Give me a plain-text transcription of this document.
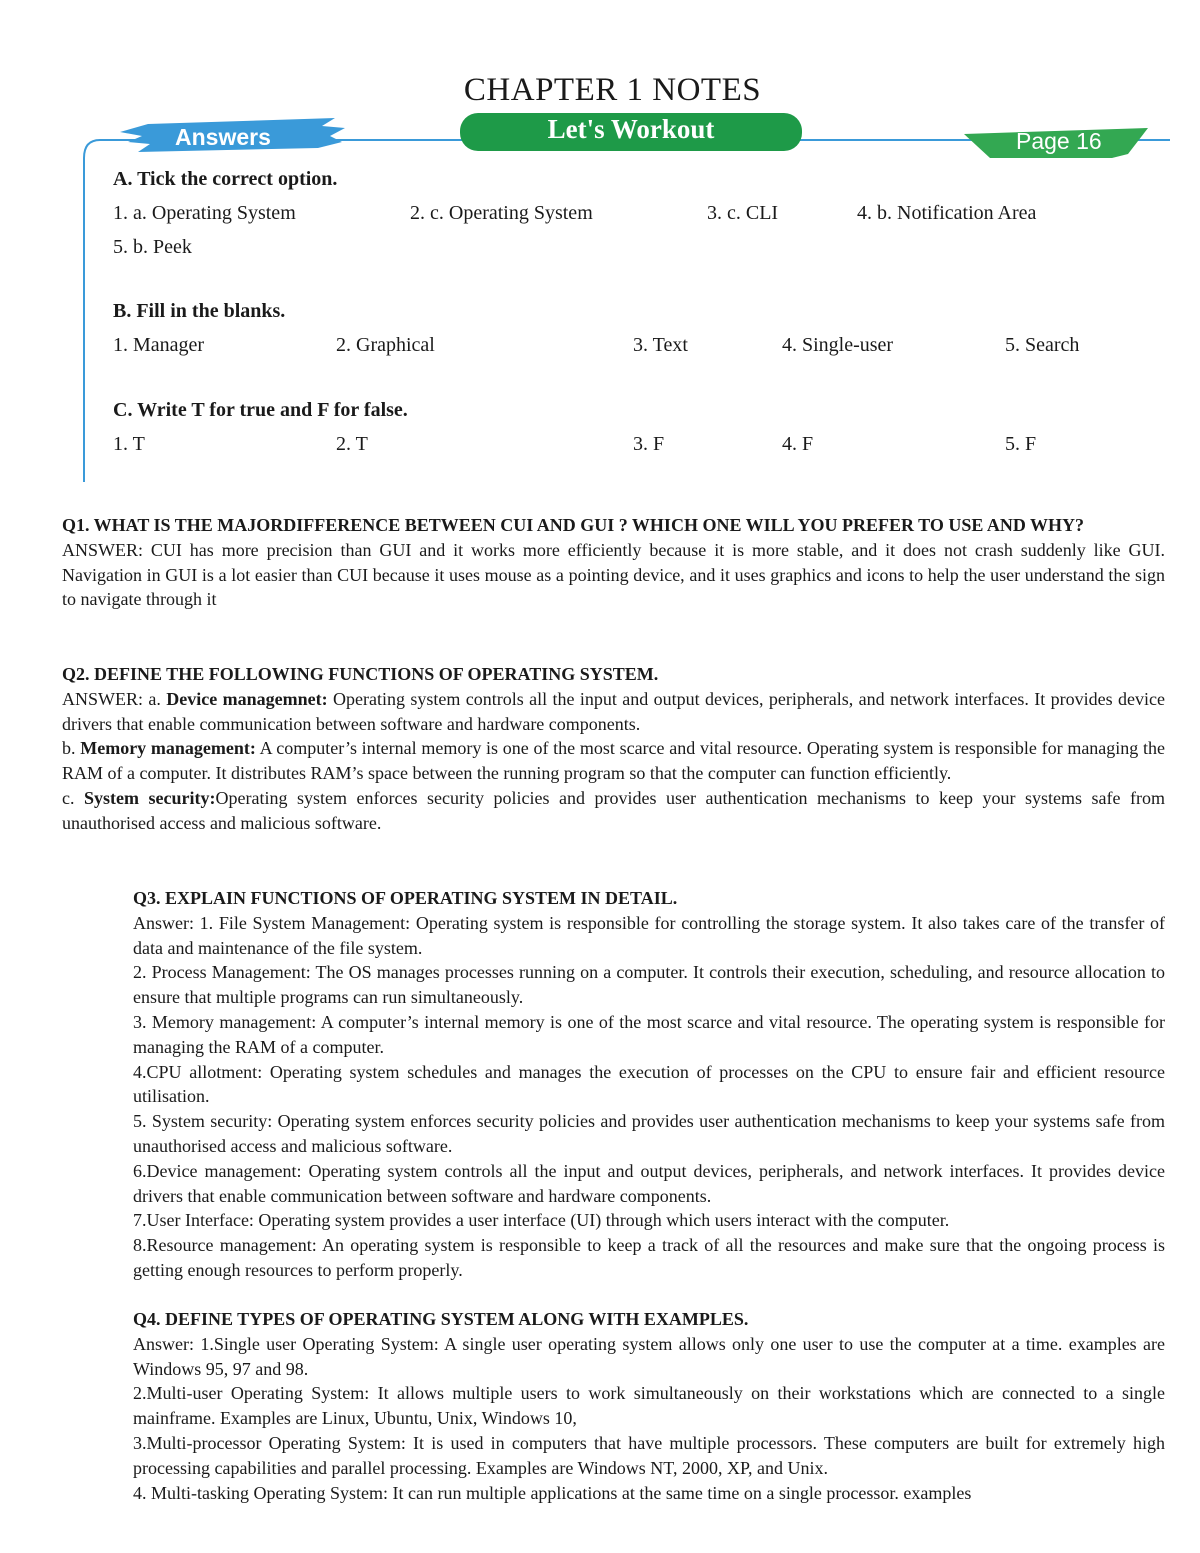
CHAPTER 1 NOTES
Answers	Let's Workout	Page 16
A. Tick the correct option.
1. a. Operating System	2. c. Operating System	3. c. CLI	4. b. Notification Area
5. b. Peek
B. Fill in the blanks.
1. Manager	2. Graphical	3. Text	4. Single-user	5. Search
C. Write T for true and F for false.
1. T	2. T	3. F	4. F	5. F

Q1. WHAT IS THE MAJORDIFFERENCE BETWEEN CUI AND GUI ? WHICH ONE WILL YOU PREFER TO USE AND WHY?

ANSWER: CUI has more precision than GUI and it works more efficiently because it is more stable, and it does not crash suddenly like GUI. Navigation in GUI is a lot easier than CUI because it uses mouse as a pointing device, and it uses graphics and icons to help the user understand the sign to navigate through it

Q2. DEFINE THE FOLLOWING FUNCTIONS OF OPERATING SYSTEM.

ANSWER: a. Device managemnet: Operating system controls all the input and output devices, peripherals, and network interfaces. It provides device drivers that enable communication between software and hardware components.

b. Memory management: A computer’s internal memory is one of the most scarce and vital resource. Operating system is responsible for managing the RAM of a computer. It distributes RAM’s space between the running program so that the computer can function efficiently.

c. System security:Operating system enforces security policies and provides user authentication mechanisms to keep your systems safe from unauthorised access and malicious software.

Q3. EXPLAIN FUNCTIONS OF OPERATING SYSTEM IN DETAIL.

Answer: 1. File System Management: Operating system is responsible for controlling the storage system. It also takes care of the transfer of data and maintenance of the file system.

2. Process Management: The OS manages processes running on a computer. It controls their execution, scheduling, and resource allocation to ensure that multiple programs can run simultaneously.

3. Memory management: A computer’s internal memory is one of the most scarce and vital resource. The operating system is responsible for managing the RAM of a computer.

4.CPU allotment: Operating system schedules and manages the execution of processes on the CPU to ensure fair and efficient resource utilisation.

5. System security: Operating system enforces security policies and provides user authentication mechanisms to keep your systems safe from unauthorised access and malicious software.

6.Device management: Operating system controls all the input and output devices, peripherals, and network interfaces. It provides device drivers that enable communication between software and hardware components.

7.User Interface: Operating system provides a user interface (UI) through which users interact with the computer.

8.Resource management: An operating system is responsible to keep a track of all the resources and make sure that the ongoing process is getting enough resources to perform properly.

Q4. DEFINE TYPES OF OPERATING SYSTEM ALONG WITH EXAMPLES.

Answer: 1.Single user Operating System: A single user operating system allows only one user to use the computer at a time. examples are Windows 95, 97 and 98.

2.Multi-user Operating System: It allows multiple users to work simultaneously on their workstations which are connected to a single mainframe. Examples are Linux, Ubuntu, Unix, Windows 10,

3.Multi-processor Operating System: It is used in computers that have multiple processors. These computers are built for extremely high processing capabilities and parallel processing. Examples are Windows NT, 2000, XP, and Unix.

4. Multi-tasking Operating System: It can run multiple applications at the same time on a single processor. examples
